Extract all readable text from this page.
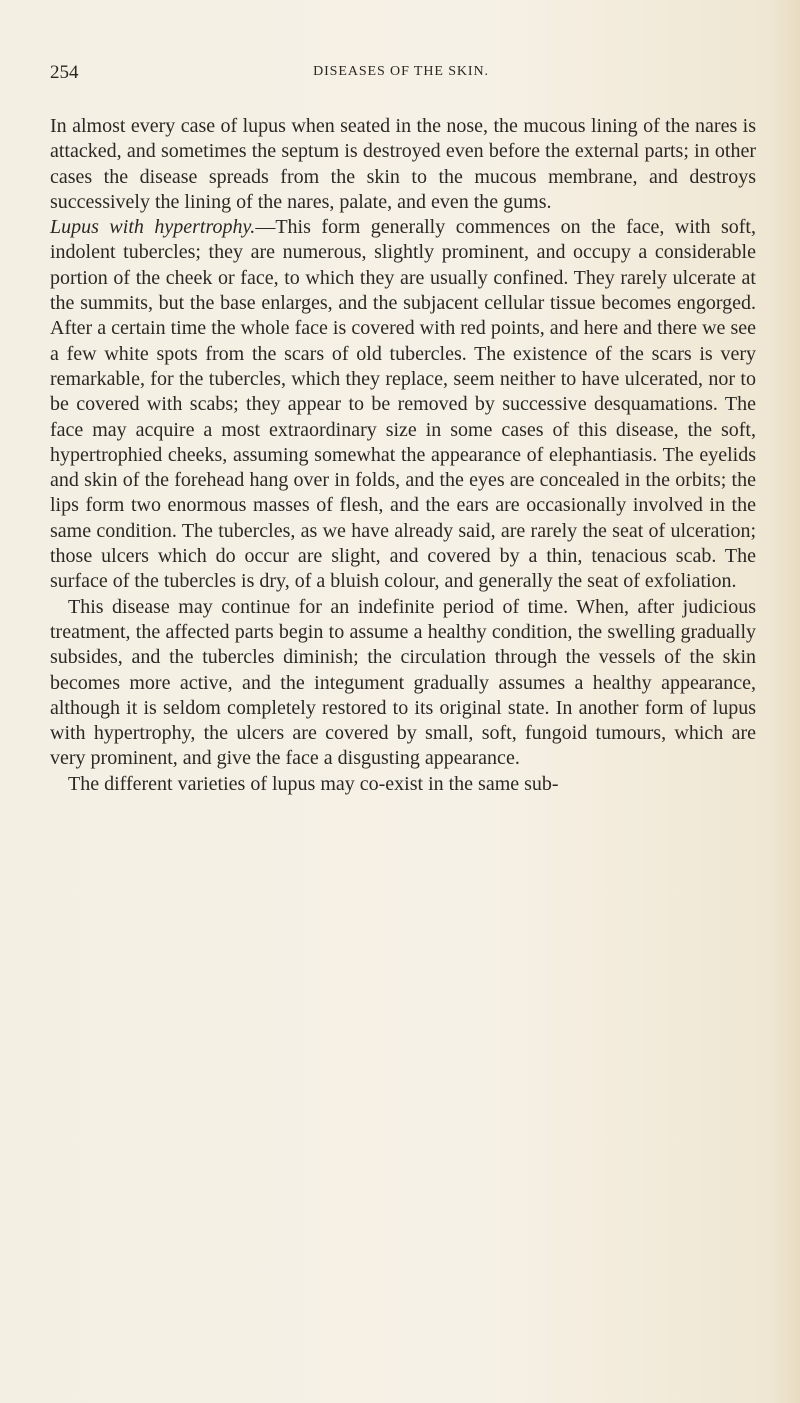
254	DISEASES OF THE SKIN.

In almost every case of lupus when seated in the nose, the mucous lining of the nares is attacked, and sometimes the septum is destroyed even before the external parts; in other cases the disease spreads from the skin to the mucous membrane, and destroys successively the lining of the nares, palate, and even the gums.

Lupus with hypertrophy.—This form generally commences on the face, with soft, indolent tubercles; they are numerous, slightly prominent, and occupy a considerable portion of the cheek or face, to which they are usually confined. They rarely ulcerate at the summits, but the base enlarges, and the subjacent cellular tissue becomes engorged. After a certain time the whole face is covered with red points, and here and there we see a few white spots from the scars of old tubercles. The existence of the scars is very remarkable, for the tubercles, which they replace, seem neither to have ulcerated, nor to be covered with scabs; they appear to be removed by successive desquamations. The face may acquire a most extraordinary size in some cases of this disease, the soft, hypertrophied cheeks, assuming somewhat the appearance of elephantiasis. The eyelids and skin of the forehead hang over in folds, and the eyes are concealed in the orbits; the lips form two enormous masses of flesh, and the ears are occasionally involved in the same condition. The tubercles, as we have already said, are rarely the seat of ulceration; those ulcers which do occur are slight, and covered by a thin, tenacious scab. The surface of the tubercles is dry, of a bluish colour, and generally the seat of exfoliation.

This disease may continue for an indefinite period of time. When, after judicious treatment, the affected parts begin to assume a healthy condition, the swelling gradually subsides, and the tubercles diminish; the circulation through the vessels of the skin becomes more active, and the integument gradually assumes a healthy appearance, although it is seldom completely restored to its original state. In another form of lupus with hypertrophy, the ulcers are covered by small, soft, fungoid tumours, which are very prominent, and give the face a disgusting appearance.

The different varieties of lupus may co-exist in the same sub-
